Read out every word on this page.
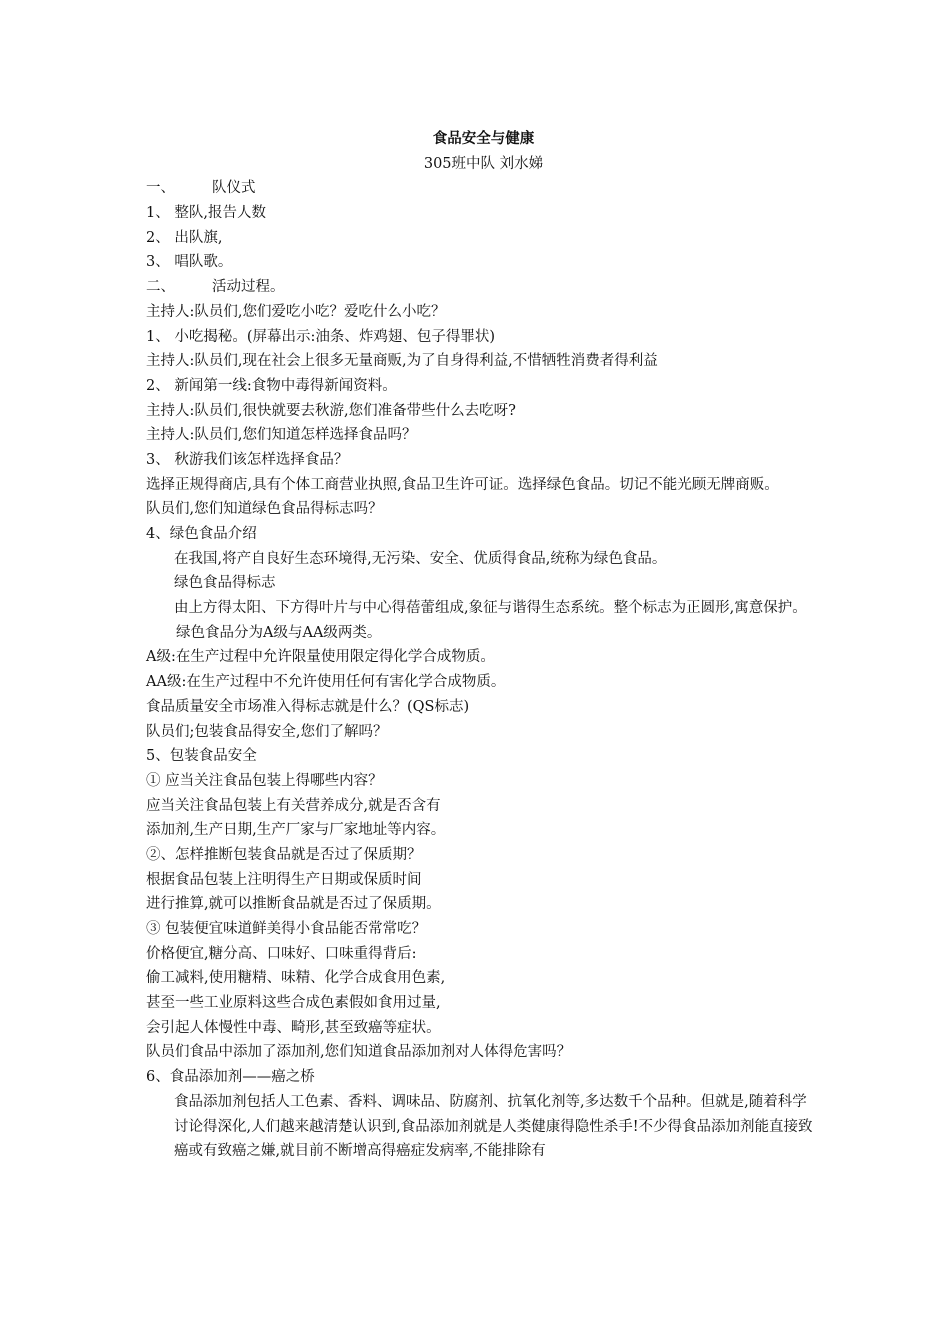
食品安全与健康
305班中队 刘水娣
一、	队仪式
1、 整队,报告人数
2、 出队旗,
3、 唱队歌。
二、	活动过程。
主持人:队员们,您们爱吃小吃？爱吃什么小吃？
1、 小吃揭秘。(屏幕出示:油条、炸鸡翅、包子得罪状)
主持人:队员们,现在社会上很多无量商贩,为了自身得利益,不惜牺牲消费者得利益
2、 新闻第一线:食物中毒得新闻资料。
主持人:队员们,很快就要去秋游,您们准备带些什么去吃呀?
主持人:队员们,您们知道怎样选择食品吗？
3、 秋游我们该怎样选择食品？
选择正规得商店,具有个体工商营业执照,食品卫生许可证。选择绿色食品。切记不能光顾无牌商贩。
队员们,您们知道绿色食品得标志吗？
4、绿色食品介绍
在我国,将产自良好生态环境得,无污染、安全、优质得食品,统称为绿色食品。
绿色食品得标志
由上方得太阳、下方得叶片与中心得蓓蕾组成,象征与谐得生态系统。整个标志为正圆形,寓意保护。
绿色食品分为A级与AA级两类。
A级:在生产过程中允许限量使用限定得化学合成物质。
AA级:在生产过程中不允许使用任何有害化学合成物质。
食品质量安全市场准入得标志就是什么？(QS标志)
队员们;包装食品得安全,您们了解吗？
5、包装食品安全
① 应当关注食品包装上得哪些内容？
应当关注食品包装上有关营养成分,就是否含有
添加剂,生产日期,生产厂家与厂家地址等内容。
②、怎样推断包装食品就是否过了保质期？
根据食品包装上注明得生产日期或保质时间
进行推算,就可以推断食品就是否过了保质期。
③ 包装便宜味道鲜美得小食品能否常常吃？
价格便宜,糖分高、口味好、口味重得背后:
偷工减料,使用糖精、味精、化学合成食用色素,
甚至一些工业原料这些合成色素假如食用过量,
会引起人体慢性中毒、畸形,甚至致癌等症状。
队员们食品中添加了添加剂,您们知道食品添加剂对人体得危害吗？
6、食品添加剂——癌之桥
食品添加剂包括人工色素、香料、调味品、防腐剂、抗氧化剂等,多达数千个品种。但就是,随着科学讨论得深化,人们越来越清楚认识到,食品添加剂就是人类健康得隐性杀手!不少得食品添加剂能直接致癌或有致癌之嫌,就目前不断增高得癌症发病率,不能排除有
